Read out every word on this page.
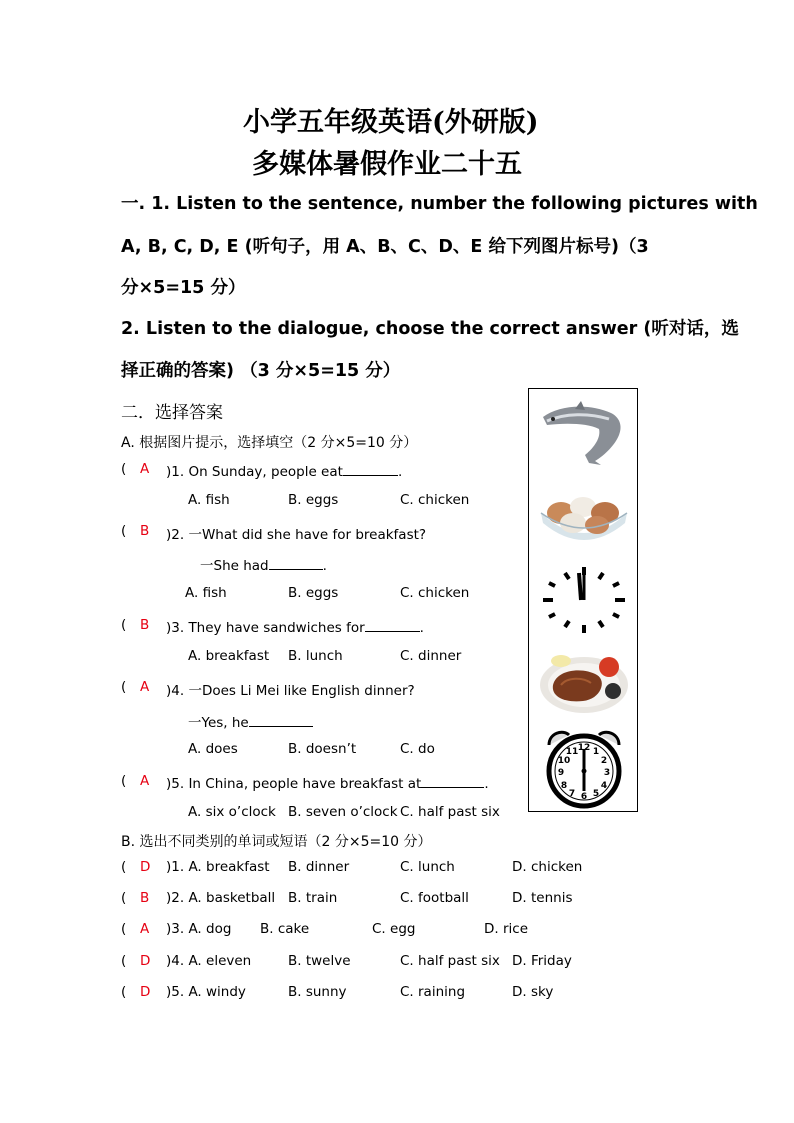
小学五年级英语(外研版)
多媒体暑假作业二十五
一. 1. Listen to the sentence, number the following pictures with
A, B, C, D, E (听句子，用 A、B、C、D、E 给下列图片标号)（3
分×5=15 分）
2. Listen to the dialogue, choose the correct answer (听对话，选
择正确的答案) （3 分×5=15 分）
二．选择答案
A. 根据图片提示，选择填空（2 分×5=10 分）
( A )1. On Sunday, people eat	.
A. fish	B. eggs	C. chicken
( B )2. 一What did she have for breakfast?
一She had	.
A. fish	B. eggs	C. chicken
( B )3. They have sandwiches for	.
A. breakfast B. lunch	C. dinner
( A )4. 一Does Li Mei like English dinner?
一Yes, he
A. does	B. doesn’t	C. do
( A )5. In China, people have breakfast at	.
A. six o’clock B. seven o’clock C. half past six
B. 选出不同类别的单词或短语（2 分×5=10 分）
( D )1. A. breakfast B. dinner	C. lunch	D. chicken
( B )2. A. basketball B. train	C. football	D. tennis
( A )3. A. dog B. cake	C. egg	D. rice
( D )4. A. eleven	B. twelve	C. half past six D. Friday
( D )5. A. windy	B. sunny	C. raining	D. sky
12
3
6
9
1
2
4
5
7
8
10
11
